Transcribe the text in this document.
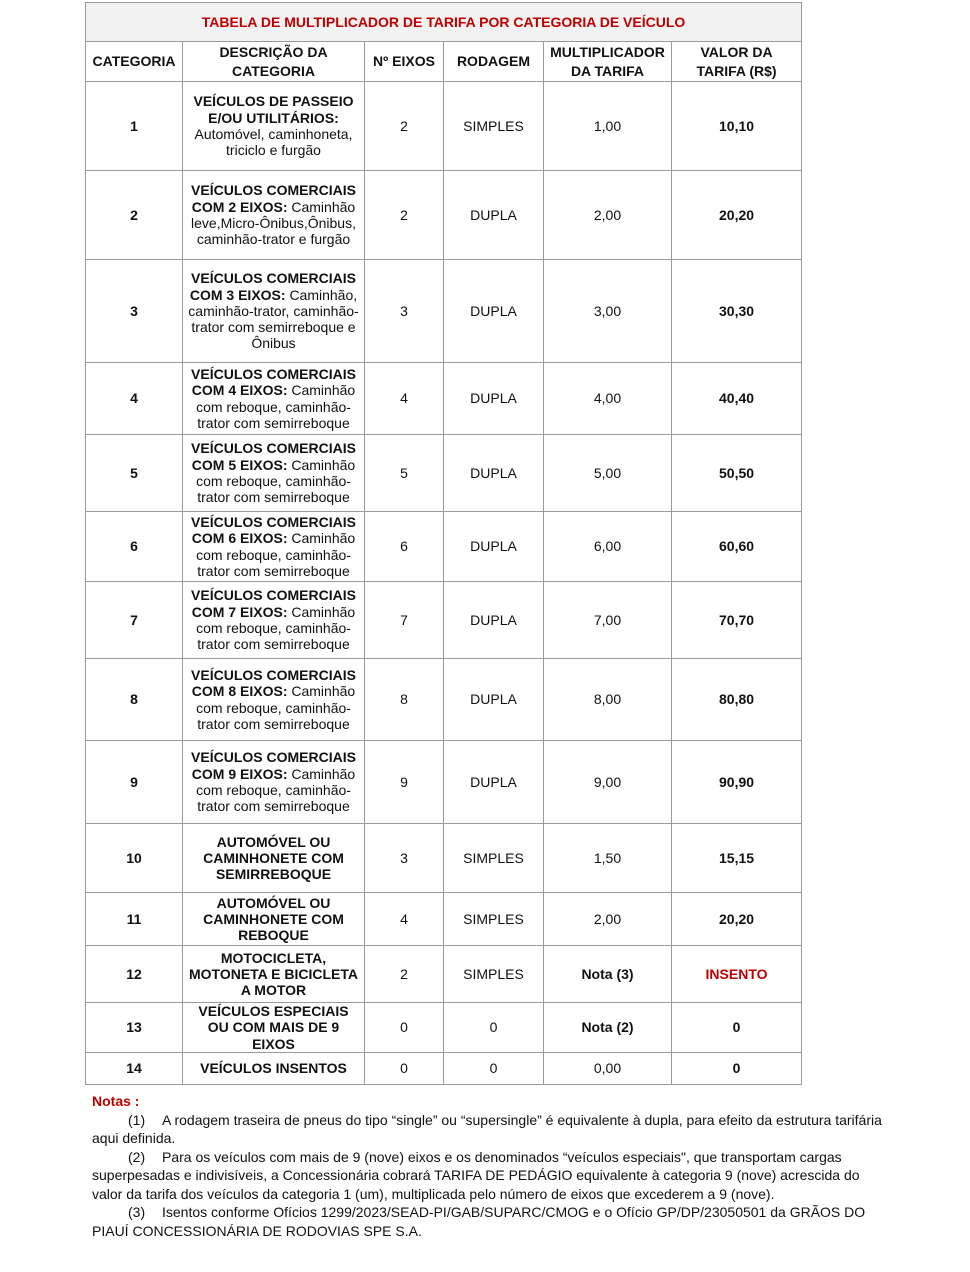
TABELA DE MULTIPLICADOR DE TARIFA POR CATEGORIA DE VEÍCULO					
CATEGORIA	DESCRIÇÃO DA CATEGORIA	Nº EIXOS	RODAGEM	MULTIPLICADOR DA TARIFA	VALOR DA TARIFA (R$)
1	VEÍCULOS DE PASSEIO E/OU UTILITÁRIOS: Automóvel, caminhoneta, triciclo e furgão	2	SIMPLES	1,00	10,10
2	VEÍCULOS COMERCIAIS COM 2 EIXOS: Caminhão leve,Micro-Ônibus,Ônibus, caminhão-trator e furgão	2	DUPLA	2,00	20,20
3	VEÍCULOS COMERCIAIS COM 3 EIXOS: Caminhão, caminhão-trator, caminhão-trator com semirreboque e Ônibus	3	DUPLA	3,00	30,30
4	VEÍCULOS COMERCIAIS COM 4 EIXOS: Caminhão com reboque, caminhão-trator com semirreboque	4	DUPLA	4,00	40,40
5	VEÍCULOS COMERCIAIS COM 5 EIXOS: Caminhão com reboque, caminhão-trator com semirreboque	5	DUPLA	5,00	50,50
6	VEÍCULOS COMERCIAIS COM 6 EIXOS: Caminhão com reboque, caminhão-trator com semirreboque	6	DUPLA	6,00	60,60
7	VEÍCULOS COMERCIAIS COM 7 EIXOS: Caminhão com reboque, caminhão-trator com semirreboque	7	DUPLA	7,00	70,70
8	VEÍCULOS COMERCIAIS COM 8 EIXOS: Caminhão com reboque, caminhão-trator com semirreboque	8	DUPLA	8,00	80,80
9	VEÍCULOS COMERCIAIS COM 9 EIXOS: Caminhão com reboque, caminhão-trator com semirreboque	9	DUPLA	9,00	90,90
10	AUTOMÓVEL OU CAMINHONETE COM SEMIRREBOQUE	3	SIMPLES	1,50	15,15
11	AUTOMÓVEL OU CAMINHONETE COM REBOQUE	4	SIMPLES	2,00	20,20
12	MOTOCICLETA, MOTONETA E BICICLETA A MOTOR	2	SIMPLES	Nota (3)	INSENTO
13	VEÍCULOS ESPECIAIS OU COM MAIS DE 9 EIXOS	0	0	Nota (2)	0
14	VEÍCULOS INSENTOS	0	0	0,00	0
Notas :

(1) A rodagem traseira de pneus do tipo “single” ou “supersingle” é equivalente à dupla, para efeito da estrutura tarifária aqui definida.

(2) Para os veículos com mais de 9 (nove) eixos e os denominados “veículos especiais", que transportam cargas superpesadas e indivisíveis, a Concessionária cobrará TARIFA DE PEDÁGIO equivalente à categoria 9 (nove) acrescida do valor da tarifa dos veículos da categoria 1 (um), multiplicada pelo número de eixos que excederem a 9 (nove).

(3) Isentos conforme Ofícios 1299/2023/SEAD-PI/GAB/SUPARC/CMOG e o Ofício GP/DP/23050501 da GRÃOS DO PIAUÍ CONCESSIONÁRIA DE RODOVIAS SPE S.A.
